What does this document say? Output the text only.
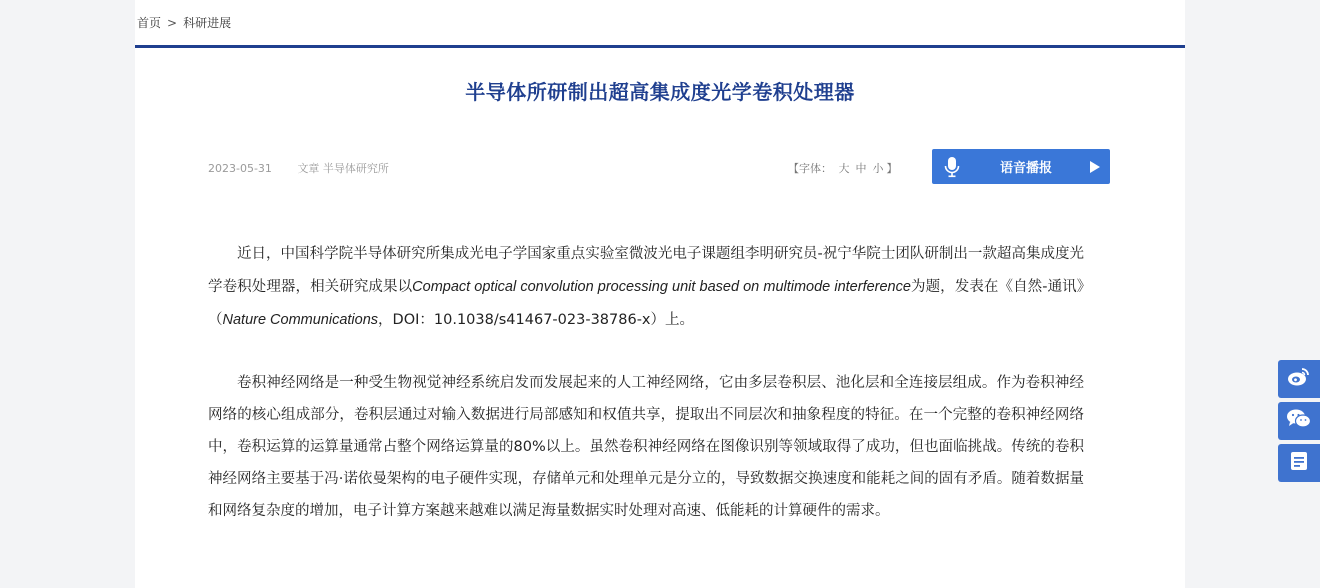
首页 > 科研进展
半导体所研制出超高集成度光学卷积处理器
2023-05-31 文章 半导体研究所	【字体： 大 中 小 】	语音播报

近日，中国科学院半导体研究所集成光电子学国家重点实验室微波光电子课题组李明研究员-祝宁华院士团队研制出一款超高集成度光学卷积处理器，相关研究成果以Compact optical convolution processing unit based on multimode interference为题，发表在《自然-通讯》（Nature Communications，DOI：10.1038/s41467-023-38786-x）上。

卷积神经网络是一种受生物视觉神经系统启发而发展起来的人工神经网络，它由多层卷积层、池化层和全连接层组成。作为卷积神经网络的核心组成部分，卷积层通过对输入数据进行局部感知和权值共享，提取出不同层次和抽象程度的特征。在一个完整的卷积神经网络中，卷积运算的运算量通常占整个网络运算量的80%以上。虽然卷积神经网络在图像识别等领域取得了成功，但也面临挑战。传统的卷积神经网络主要基于冯·诺依曼架构的电子硬件实现，存储单元和处理单元是分立的，导致数据交换速度和能耗之间的固有矛盾。随着数据量和网络复杂度的增加，电子计算方案越来越难以满足海量数据实时处理对高速、低能耗的计算硬件的需求。
